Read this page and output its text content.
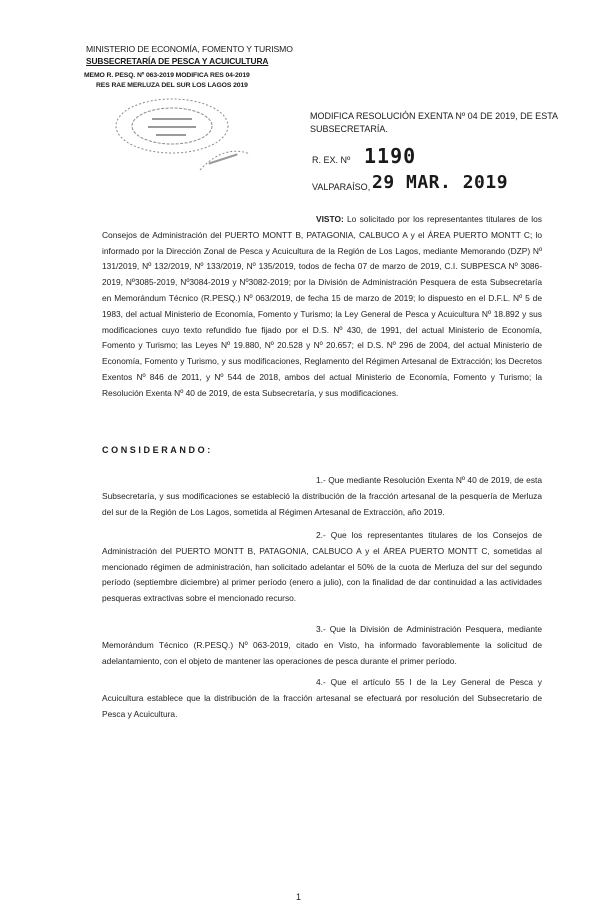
MINISTERIO DE ECONOMÍA, FOMENTO Y TURISMO
SUBSECRETARÍA DE PESCA Y ACUICULTURA
MEMO R. PESQ. Nº 063-2019 MODIFICA RES 04-2019
RES RAE MERLUZA DEL SUR LOS LAGOS 2019
MODIFICA RESOLUCIÓN EXENTA Nº 04 DE 2019, DE ESTA SUBSECRETARÍA.
R. EX. Nº 1190
VALPARAÍSO, 29 MAR. 2019
VISTO: Lo solicitado por los representantes titulares de los Consejos de Administración del PUERTO MONTT B, PATAGONIA, CALBUCO A y el ÁREA PUERTO MONTT C; lo informado por la Dirección Zonal de Pesca y Acuicultura de la Región de Los Lagos, mediante Memorando (DZP) Nº 131/2019, Nº 132/2019, Nº 133/2019, Nº 135/2019, todos de fecha 07 de marzo de 2019, C.I. SUBPESCA Nº 3086-2019, Nº3085-2019, Nº3084-2019 y Nº3082-2019; por la División de Administración Pesquera de esta Subsecretaría en Memorándum Técnico (R.PESQ.) Nº 063/2019, de fecha 15 de marzo de 2019; lo dispuesto en el D.F.L. Nº 5 de 1983, del actual Ministerio de Economía, Fomento y Turismo; la Ley General de Pesca y Acuicultura Nº 18.892 y sus modificaciones cuyo texto refundido fue fijado por el D.S. Nº 430, de 1991, del actual Ministerio de Economía, Fomento y Turismo; las Leyes Nº 19.880, Nº 20.528 y Nº 20.657; el D.S. Nº 296 de 2004, del actual Ministerio de Economía, Fomento y Turismo, y sus modificaciones, Reglamento del Régimen Artesanal de Extracción; los Decretos Exentos Nº 846 de 2011, y Nº 544 de 2018, ambos del actual Ministerio de Economía, Fomento y Turismo; la Resolución Exenta Nº 40 de 2019, de esta Subsecretaría, y sus modificaciones.
CONSIDERANDO:
1.- Que mediante Resolución Exenta Nº 40 de 2019, de esta Subsecretaría, y sus modificaciones se estableció la distribución de la fracción artesanal de la pesquería de Merluza del sur de la Región de Los Lagos, sometida al Régimen Artesanal de Extracción, año 2019.
2.- Que los representantes titulares de los Consejos de Administración del PUERTO MONTT B, PATAGONIA, CALBUCO A y el ÁREA PUERTO MONTT C, sometidas al mencionado régimen de administración, han solicitado adelantar el 50% de la cuota de Merluza del sur del segundo período (septiembre diciembre) al primer período (enero a julio), con la finalidad de dar continuidad a las actividades pesqueras extractivas sobre el mencionado recurso.
3.- Que la División de Administración Pesquera, mediante Memorándum Técnico (R.PESQ.) Nº 063-2019, citado en Visto, ha informado favorablemente la solicitud de adelantamiento, con el objeto de mantener las operaciones de pesca durante el primer período.
4.- Que el artículo 55 I de la Ley General de Pesca y Acuicultura establece que la distribución de la fracción artesanal se efectuará por resolución del Subsecretario de Pesca y Acuicultura.
1
